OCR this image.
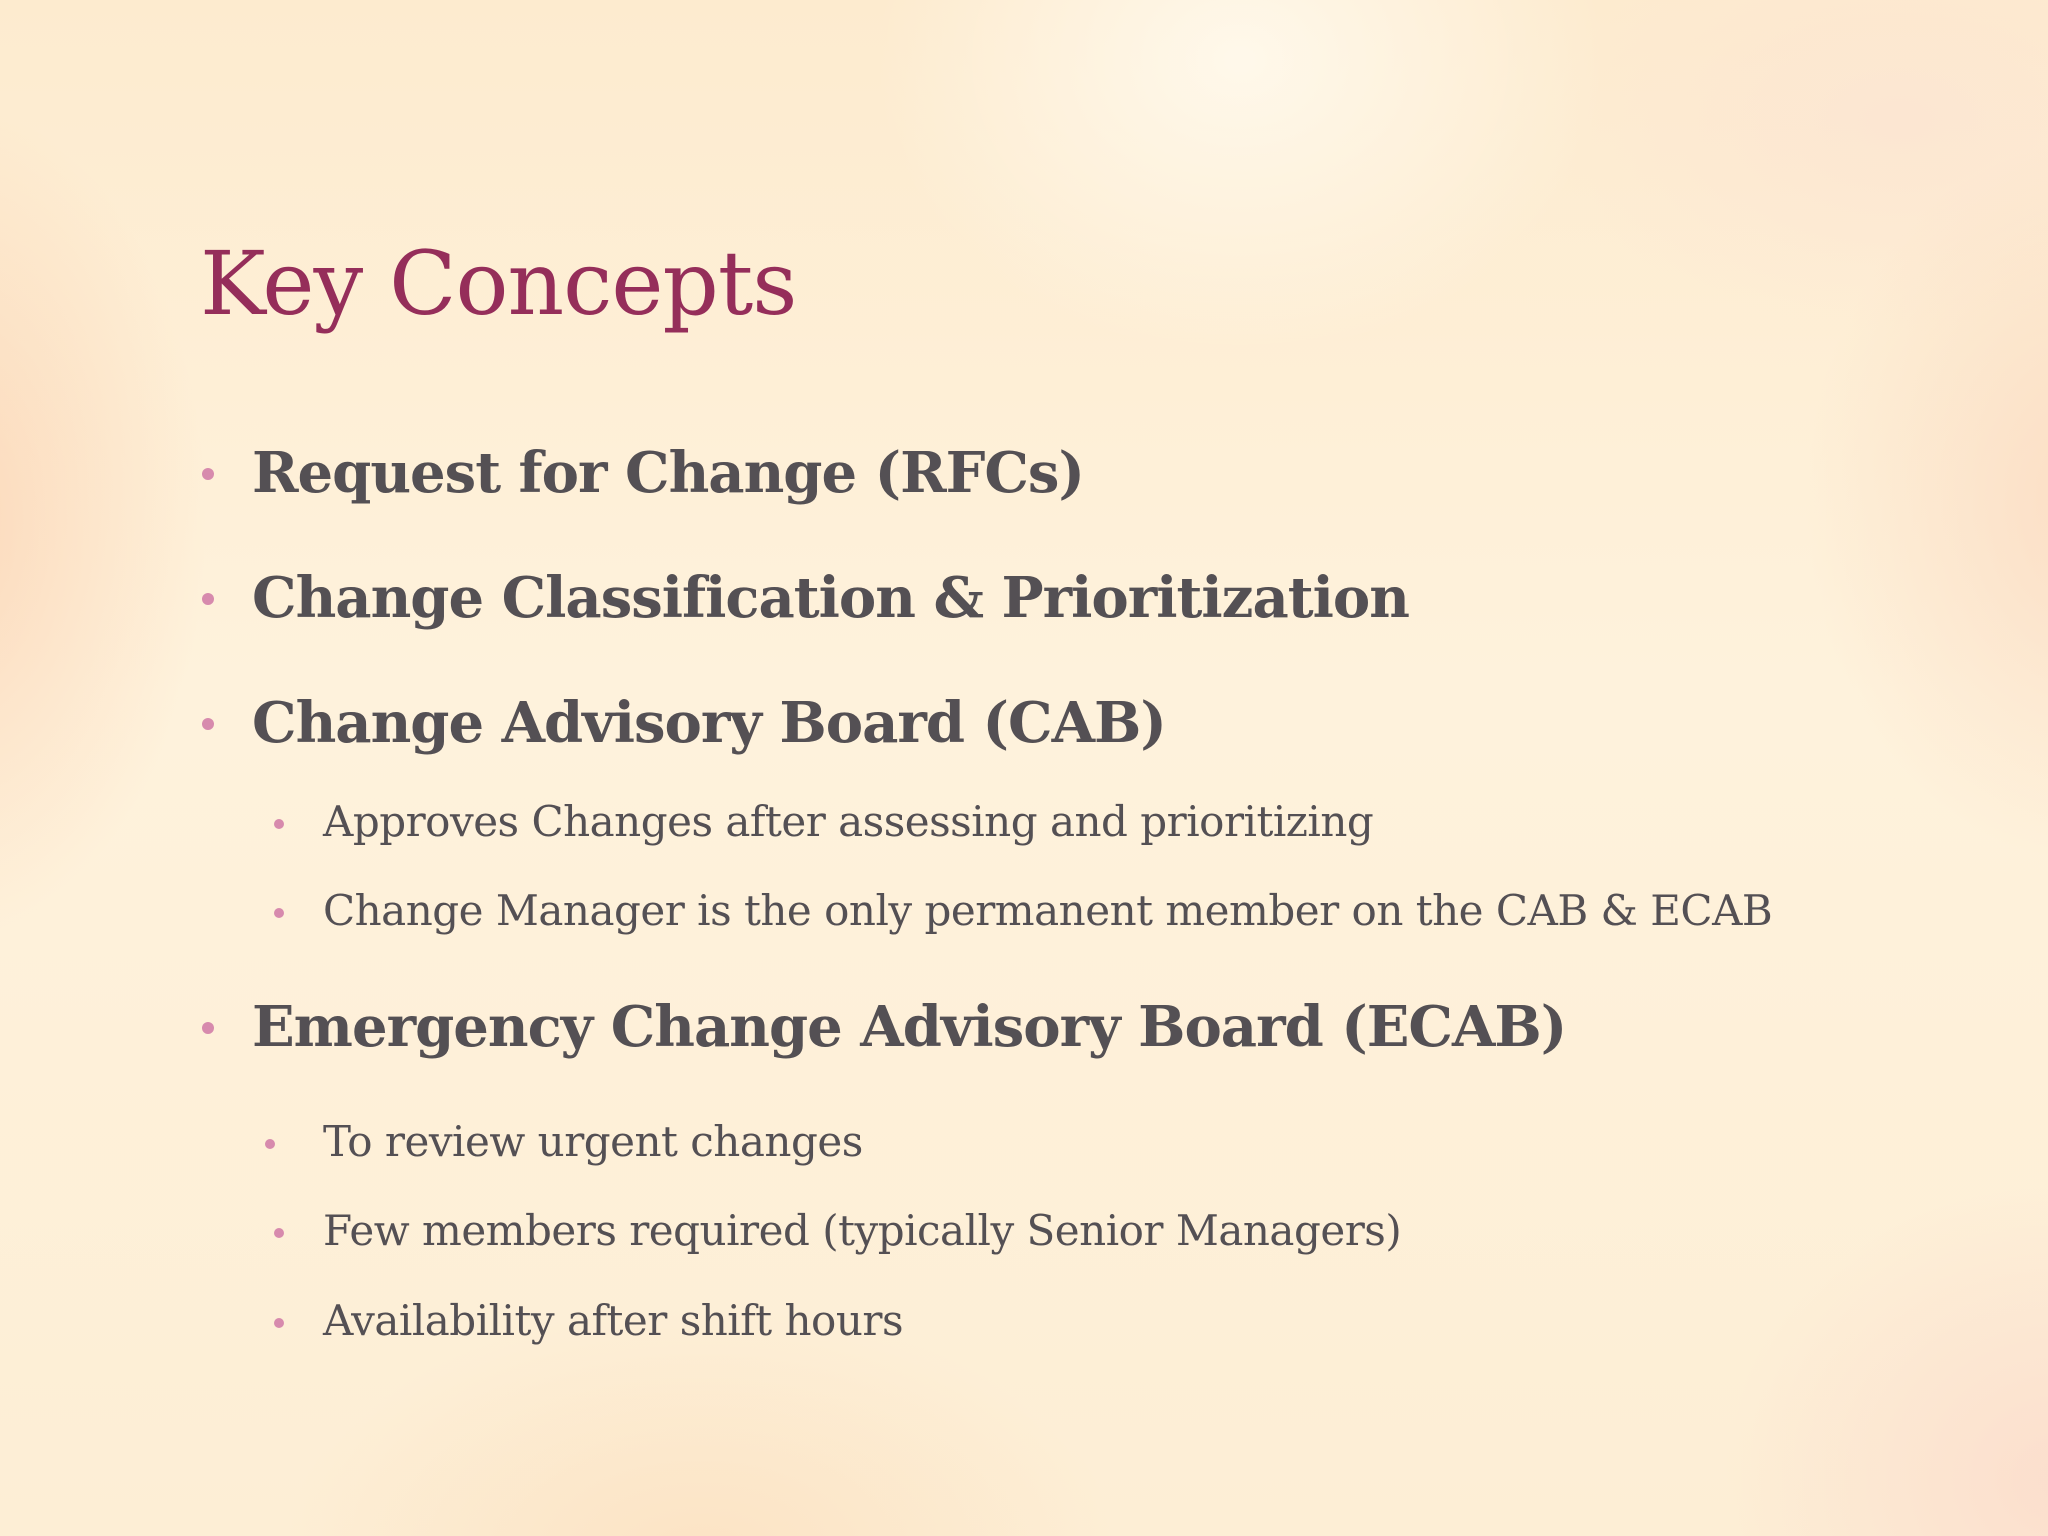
Key Concepts
Request for Change (RFCs)
Change Classification & Prioritization
Change Advisory Board (CAB)
Approves Changes after assessing and prioritizing
Change Manager is the only permanent member on the CAB & ECAB
Emergency Change Advisory Board (ECAB)
To review urgent changes
Few members required (typically Senior Managers)
Availability after shift hours
